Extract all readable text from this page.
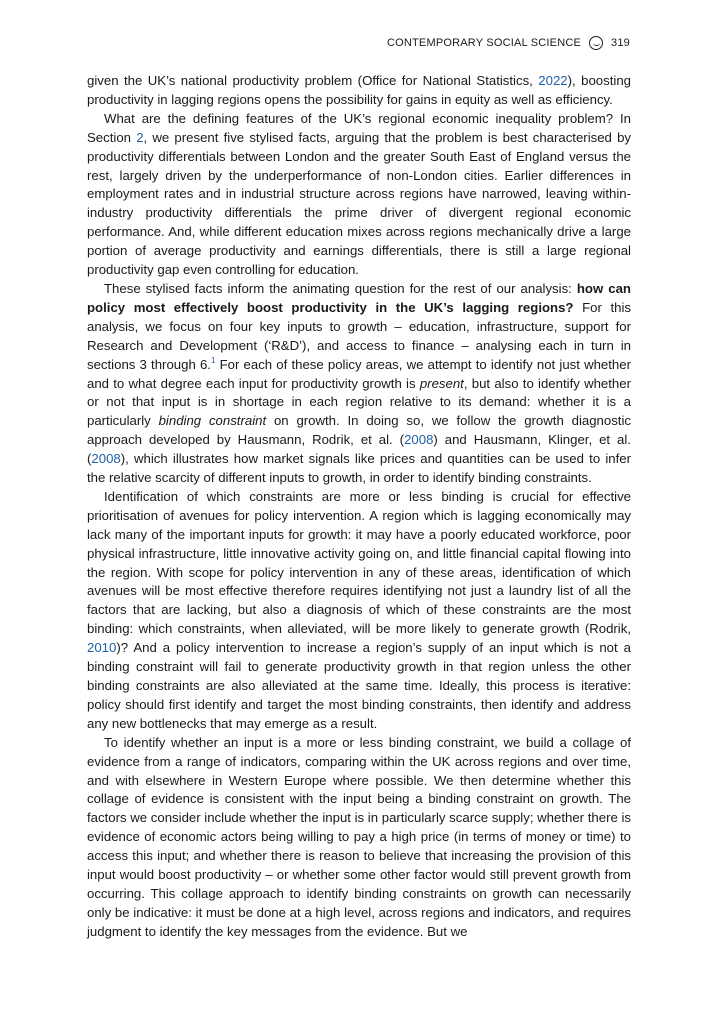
CONTEMPORARY SOCIAL SCIENCE	319

given the UK’s national productivity problem (Office for National Statistics, 2022), boosting productivity in lagging regions opens the possibility for gains in equity as well as efficiency.

What are the defining features of the UK’s regional economic inequality problem? In Section 2, we present five stylised facts, arguing that the problem is best characterised by productivity differentials between London and the greater South East of England versus the rest, largely driven by the underperformance of non-London cities. Earlier differences in employment rates and in industrial structure across regions have narrowed, leaving within-industry productivity differentials the prime driver of divergent regional economic performance. And, while different education mixes across regions mechanically drive a large portion of average productivity and earnings differentials, there is still a large regional productivity gap even controlling for education.

These stylised facts inform the animating question for the rest of our analysis: how can policy most effectively boost productivity in the UK’s lagging regions? For this analysis, we focus on four key inputs to growth – education, infrastructure, support for Research and Development (‘R&D’), and access to finance – analysing each in turn in sections 3 through 6.$^1$ For each of these policy areas, we attempt to identify not just whether and to what degree each input for productivity growth is present, but also to identify whether or not that input is in shortage in each region relative to its demand: whether it is a particularly binding constraint on growth. In doing so, we follow the growth diagnostic approach developed by Hausmann, Rodrik, et al. (2008) and Hausmann, Klinger, et al. (2008), which illustrates how market signals like prices and quantities can be used to infer the relative scarcity of different inputs to growth, in order to identify binding constraints.

Identification of which constraints are more or less binding is crucial for effective prioritisation of avenues for policy intervention. A region which is lagging economically may lack many of the important inputs for growth: it may have a poorly educated workforce, poor physical infrastructure, little innovative activity going on, and little financial capital flowing into the region. With scope for policy intervention in any of these areas, identification of which avenues will be most effective therefore requires identifying not just a laundry list of all the factors that are lacking, but also a diagnosis of which of these constraints are the most binding: which constraints, when alleviated, will be more likely to generate growth (Rodrik, 2010)? And a policy intervention to increase a region’s supply of an input which is not a binding constraint will fail to generate productivity growth in that region unless the other binding constraints are also alleviated at the same time. Ideally, this process is iterative: policy should first identify and target the most binding constraints, then identify and address any new bottlenecks that may emerge as a result.

To identify whether an input is a more or less binding constraint, we build a collage of evidence from a range of indicators, comparing within the UK across regions and over time, and with elsewhere in Western Europe where possible. We then determine whether this collage of evidence is consistent with the input being a binding constraint on growth. The factors we consider include whether the input is in particularly scarce supply; whether there is evidence of economic actors being willing to pay a high price (in terms of money or time) to access this input; and whether there is reason to believe that increasing the provision of this input would boost productivity – or whether some other factor would still prevent growth from occurring. This collage approach to identify binding constraints on growth can necessarily only be indicative: it must be done at a high level, across regions and indicators, and requires judgment to identify the key messages from the evidence. But we
